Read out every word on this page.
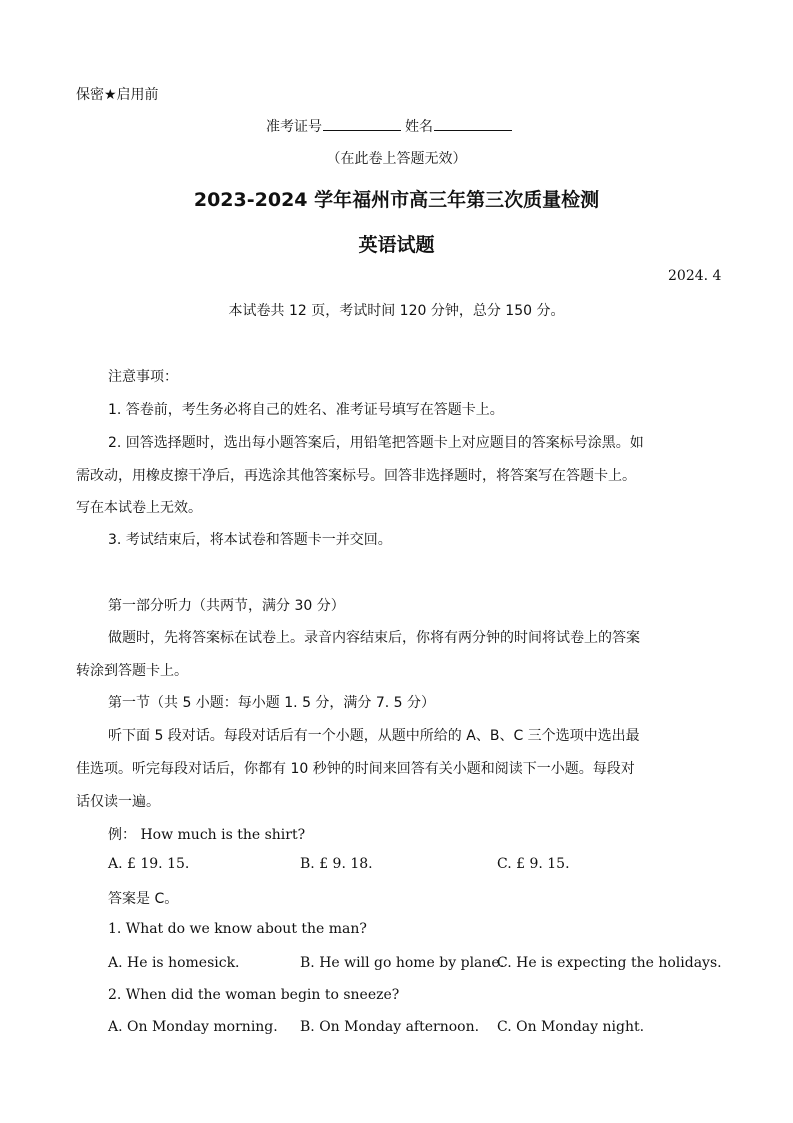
保密★启用前
准考证号	姓名
（在此卷上答题无效）
2023-2024 学年福州市高三年第三次质量检测
英语试题
2024. 4
本试卷共 12 页，考试时间 120 分钟，总分 150 分。
注意事项：
1. 答卷前，考生务必将自己的姓名、准考证号填写在答题卡上。
2. 回答选择题时，选出每小题答案后，用铅笔把答题卡上对应题目的答案标号涂黑。如
需改动，用橡皮擦干净后，再选涂其他答案标号。回答非选择题时，将答案写在答题卡上。
写在本试卷上无效。
3. 考试结束后，将本试卷和答题卡一并交回。
第一部分听力（共两节，满分 30 分）
做题时，先将答案标在试卷上。录音内容结束后，你将有两分钟的时间将试卷上的答案
转涂到答题卡上。
第一节（共 5 小题：每小题 1. 5 分，满分 7. 5 分）
听下面 5 段对话。每段对话后有一个小题，从题中所给的 A、B、C 三个选项中选出最
佳选项。听完每段对话后，你都有 10 秒钟的时间来回答有关小题和阅读下一小题。每段对
话仅读一遍。
例： How much is the shirt?
A. £ 19. 15.	B. £ 9. 18.	C. £ 9. 15.
答案是 C。
1. What do we know about the man?
A. He is homesick.	B. He will go home by plane.
C. He is expecting the holidays.
2. When did the woman begin to sneeze?
A. On Monday morning. B. On Monday afternoon. C. On Monday night.
